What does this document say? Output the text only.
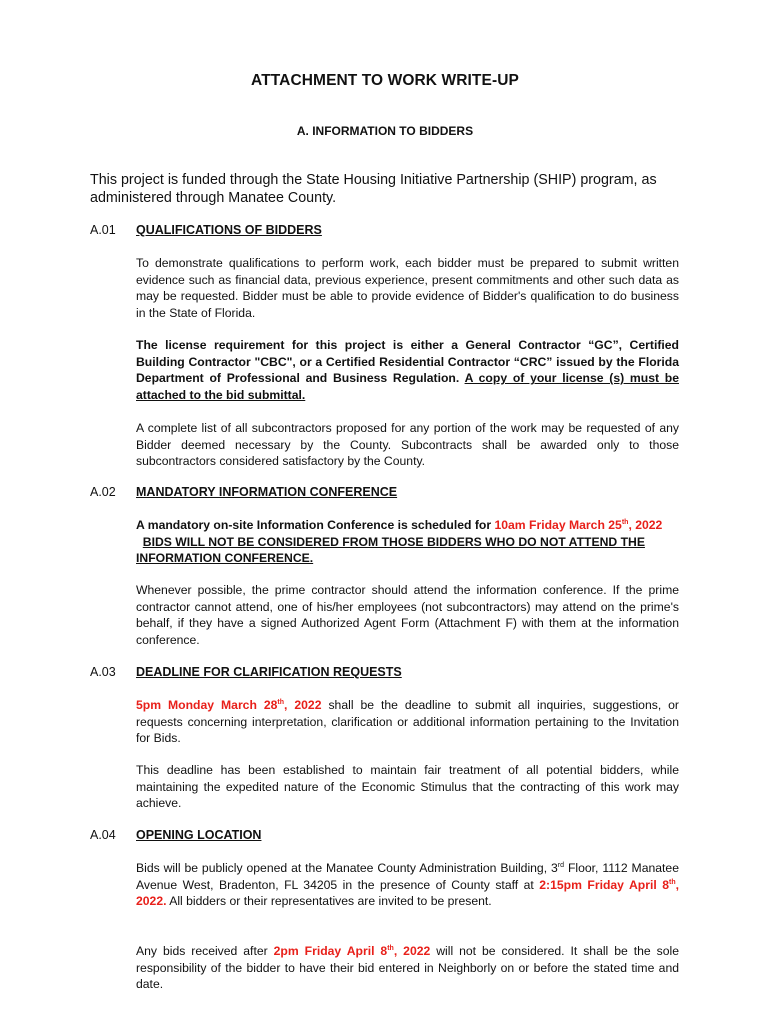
ATTACHMENT TO WORK WRITE-UP
A. INFORMATION TO BIDDERS
This project is funded through the State Housing Initiative Partnership (SHIP) program, as administered through Manatee County.
A.01 QUALIFICATIONS OF BIDDERS
To demonstrate qualifications to perform work, each bidder must be prepared to submit written evidence such as financial data, previous experience, present commitments and other such data as may be requested. Bidder must be able to provide evidence of Bidder's qualification to do business in the State of Florida.
The license requirement for this project is either a General Contractor “GC”, Certified Building Contractor "CBC", or a Certified Residential Contractor “CRC” issued by the Florida Department of Professional and Business Regulation. A copy of your license (s) must be attached to the bid submittal.
A complete list of all subcontractors proposed for any portion of the work may be requested of any Bidder deemed necessary by the County. Subcontracts shall be awarded only to those subcontractors considered satisfactory by the County.
A.02 MANDATORY INFORMATION CONFERENCE
A mandatory on-site Information Conference is scheduled for 10am Friday March 25th, 2022  BIDS WILL NOT BE CONSIDERED FROM THOSE BIDDERS WHO DO NOT ATTEND THE INFORMATION CONFERENCE.
Whenever possible, the prime contractor should attend the information conference. If the prime contractor cannot attend, one of his/her employees (not subcontractors) may attend on the prime's behalf, if they have a signed Authorized Agent Form (Attachment F) with them at the information conference.
A.03 DEADLINE FOR CLARIFICATION REQUESTS
5pm Monday March 28th, 2022 shall be the deadline to submit all inquiries, suggestions, or requests concerning interpretation, clarification or additional information pertaining to the Invitation for Bids.
This deadline has been established to maintain fair treatment of all potential bidders, while maintaining the expedited nature of the Economic Stimulus that the contracting of this work may achieve.
A.04 OPENING LOCATION
Bids will be publicly opened at the Manatee County Administration Building, 3rd Floor, 1112 Manatee Avenue West, Bradenton, FL 34205 in the presence of County staff at 2:15pm Friday April 8th, 2022. All bidders or their representatives are invited to be present.
Any bids received after 2pm Friday April 8th, 2022 will not be considered. It shall be the sole responsibility of the bidder to have their bid entered in Neighborly on or before the stated time and date.
